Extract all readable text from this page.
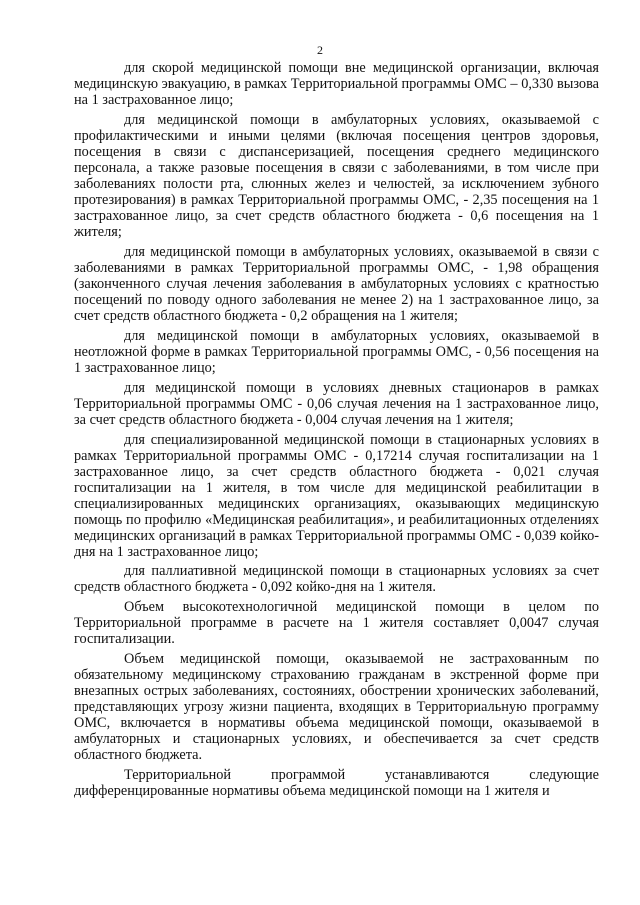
2

для скорой медицинской помощи вне медицинской организации, включая медицинскую эвакуацию, в рамках Территориальной программы ОМС – 0,330 вызова на 1 застрахованное лицо;

для медицинской помощи в амбулаторных условиях, оказываемой с профилактическими и иными целями (включая посещения центров здоровья, посещения в связи с диспансеризацией, посещения среднего медицинского персонала, а также разовые посещения в связи с заболеваниями, в том числе при заболеваниях полости рта, слюнных желез и челюстей, за исключением зубного протезирования) в рамках Территориальной программы ОМС, - 2,35 посещения на 1 застрахованное лицо, за счет средств областного бюджета - 0,6 посещения на 1 жителя;

для медицинской помощи в амбулаторных условиях, оказываемой в связи с заболеваниями в рамках Территориальной программы ОМС, - 1,98 обращения (законченного случая лечения заболевания в амбулаторных условиях с кратностью посещений по поводу одного заболевания не менее 2) на 1 застрахованное лицо, за счет средств областного бюджета - 0,2 обращения на 1 жителя;

для медицинской помощи в амбулаторных условиях, оказываемой в неотложной форме в рамках Территориальной программы ОМС, - 0,56 посещения на 1 застрахованное лицо;

для медицинской помощи в условиях дневных стационаров в рамках Территориальной программы ОМС - 0,06 случая лечения на 1 застрахованное лицо, за счет средств областного бюджета - 0,004 случая лечения на 1 жителя;

для специализированной медицинской помощи в стационарных условиях в рамках Территориальной программы ОМС - 0,17214 случая госпитализации на 1 застрахованное лицо, за счет средств областного бюджета - 0,021 случая госпитализации на 1 жителя, в том числе для медицинской реабилитации в специализированных медицинских организациях, оказывающих медицинскую помощь по профилю «Медицинская реабилитация», и реабилитационных отделениях медицинских организаций в рамках Территориальной программы ОМС - 0,039 койко-дня на 1 застрахованное лицо;

для паллиативной медицинской помощи в стационарных условиях за счет средств областного бюджета - 0,092 койко-дня на 1 жителя.

Объем высокотехнологичной медицинской помощи в целом по Территориальной программе в расчете на 1 жителя составляет 0,0047 случая госпитализации.

Объем медицинской помощи, оказываемой не застрахованным по обязательному медицинскому страхованию гражданам в экстренной форме при внезапных острых заболеваниях, состояниях, обострении хронических заболеваний, представляющих угрозу жизни пациента, входящих в Территориальную программу ОМС, включается в нормативы объема медицинской помощи, оказываемой в амбулаторных и стационарных условиях, и обеспечивается за счет средств областного бюджета.

Территориальной программой устанавливаются следующие дифференцированные нормативы объема медицинской помощи на 1 жителя и
